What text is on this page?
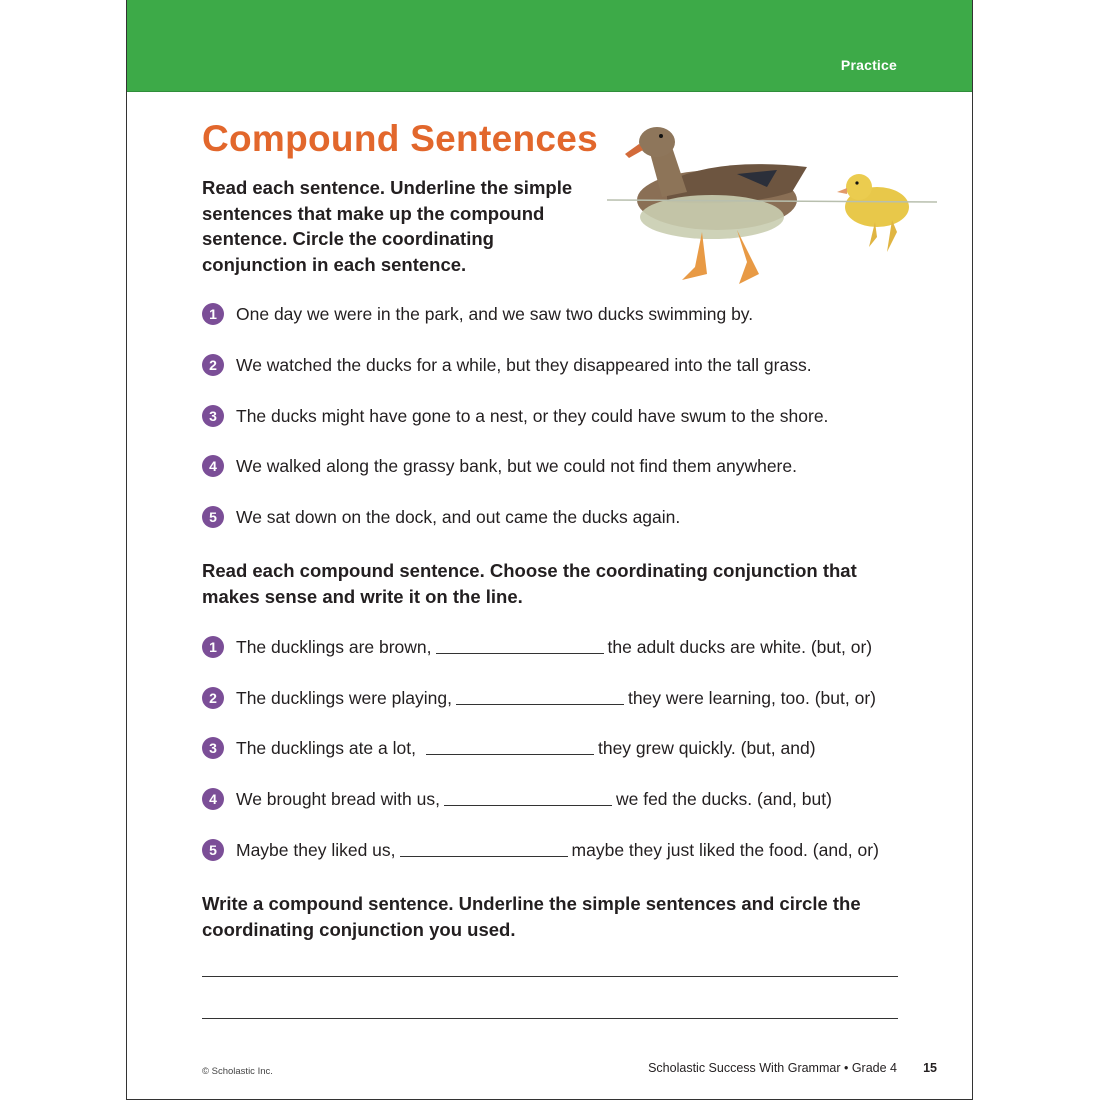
Practice
Compound Sentences

Read each sentence. Underline the simple sentences that make up the compound sentence. Circle the coordinating conjunction in each sentence.

1	One day we were in the park, and we saw two ducks swimming by.
2	We watched the ducks for a while, but they disappeared into the tall grass.
3	The ducks might have gone to a nest, or they could have swum to the shore.
4	We walked along the grassy bank, but we could not find them anywhere.
5	We sat down on the dock, and out came the ducks again.

Read each compound sentence. Choose the coordinating conjunction that makes sense and write it on the line.

1	The ducklings are brown,	the adult ducks are white. (but, or)
2	The ducklings were playing,	they were learning, too. (but, or)
3	The ducklings ate a lot,	they grew quickly. (but, and)
4	We brought bread with us,	we fed the ducks. (and, but)
5	Maybe they liked us,	maybe they just liked the food. (and, or)

Write a compound sentence. Underline the simple sentences and circle the coordinating conjunction you used.

© Scholastic Inc.	Scholastic Success With Grammar • Grade 4 15
